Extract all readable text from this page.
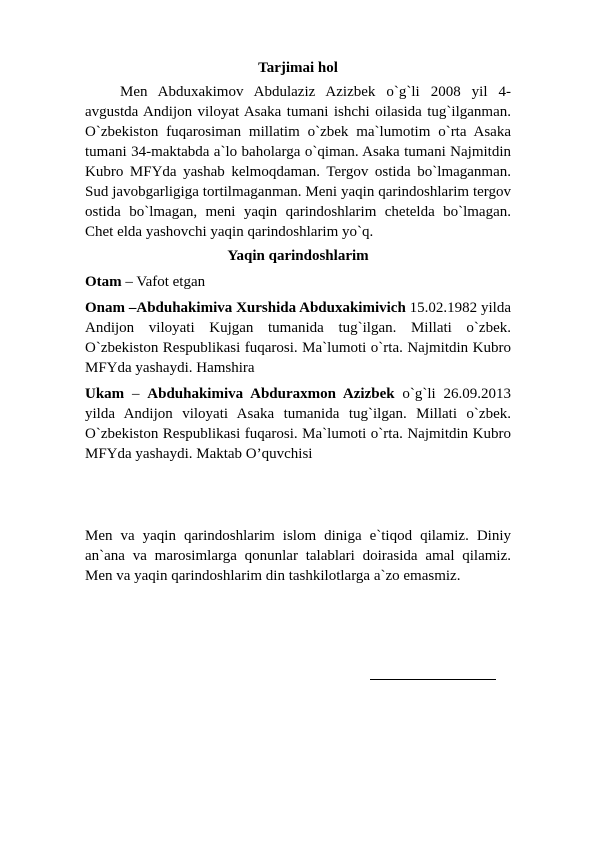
Tarjimai hol

Men Abduxakimov Abdulaziz Azizbek o`g`li 2008 yil 4-avgustda Andijon viloyat Asaka tumani ishchi oilasida tug`ilganman. O`zbekiston fuqarosiman millatim o`zbek ma`lumotim o`rta Asaka tumani 34-maktabda a`lo baholarga o`qiman. Asaka tumani Najmitdin Kubro MFYda yashab kelmoqdaman. Tergov ostida bo`lmaganman. Sud javobgarligiga tortilmaganman. Meni yaqin qarindoshlarim tergov ostida bo`lmagan, meni yaqin qarindoshlarim chetelda bo`lmagan. Chet elda yashovchi yaqin qarindoshlarim yo`q.

Yaqin qarindoshlarim

Otam – Vafot etgan

Onam –Abduhakimiva Xurshida Abduxakimivich 15.02.1982 yilda Andijon viloyati Kujgan tumanida tug`ilgan. Millati o`zbek. O`zbekiston Respublikasi fuqarosi. Ma`lumoti o`rta. Najmitdin Kubro MFYda yashaydi. Hamshira

Ukam – Abduhakimiva Abduraxmon Azizbek o`g`li 26.09.2013 yilda Andijon viloyati Asaka tumanida tug`ilgan. Millati o`zbek. O`zbekiston Respublikasi fuqarosi. Ma`lumoti o`rta. Najmitdin Kubro MFYda yashaydi. Maktab O’quvchisi

Men va yaqin qarindoshlarim islom diniga e`tiqod qilamiz. Diniy an`ana va marosimlarga qonunlar talablari doirasida amal qilamiz. Men va yaqin qarindoshlarim din tashkilotlarga a`zo emasmiz.
